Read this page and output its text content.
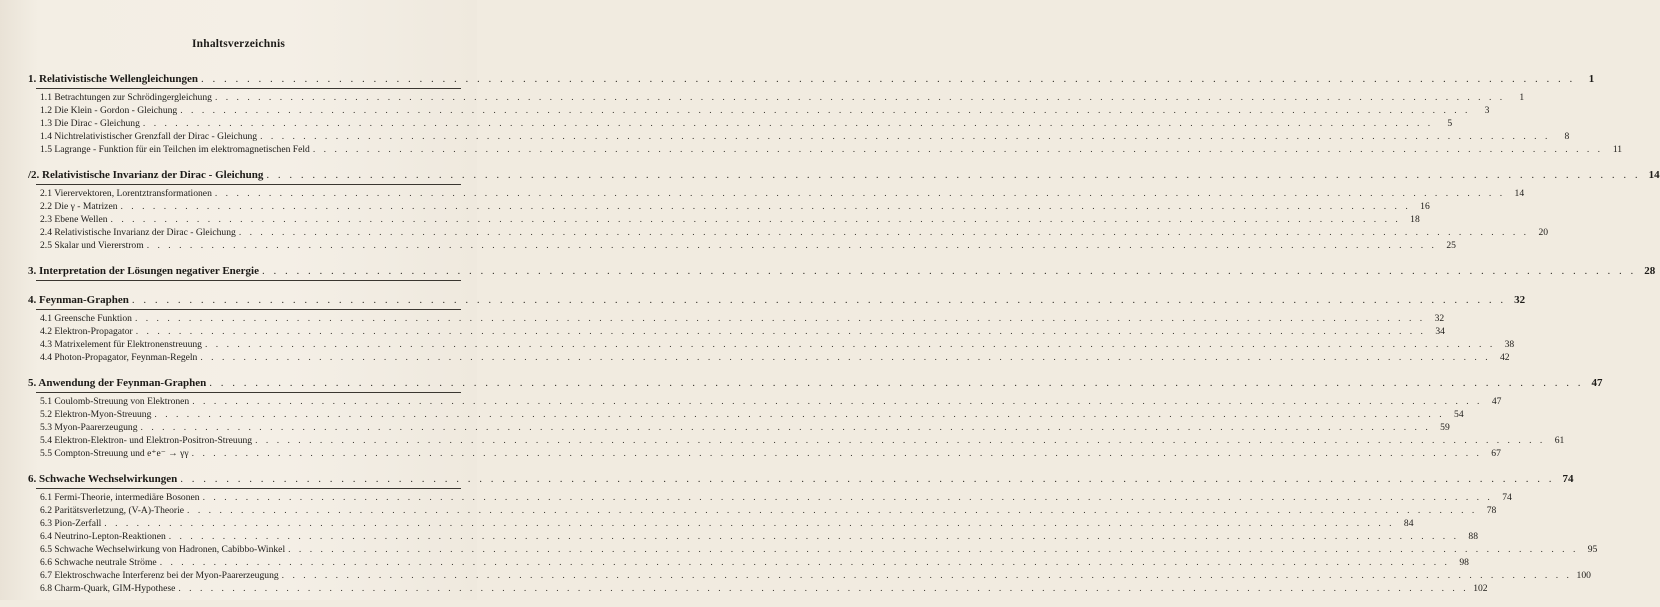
Inhaltsverzeichnis
1. Relativistische Wellengleichungen . . . . . . . . . . . . . . . . . . . . . . . . . . . . . . . . . . . . . . . . . . . . . . . . . . . . . . . . . . . . . . . . . . . . . . . . . . . . . . . . . . . . . . . . . . . . . . . . . . . . . . . . . . . . . . . . . . . . . . . .	1
1.1 Betrachtungen zur Schrödingergleichung . . . . . . . . . . . . . . . . . . . . . . . . . . . . . . . . . . . . . . . . . . . . . . . . . . . . . . . . . . . . . . . . . . . . . . . . . . . . . . . . . . . . . . . . . . . . . . . . . . . . . . . . . . . . . . . . . . . . . . . .	1
1.2 Die Klein - Gordon - Gleichung . . . . . . . . . . . . . . . . . . . . . . . . . . . . . . . . . . . . . . . . . . . . . . . . . . . . . . . . . . . . . . . . . . . . . . . . . . . . . . . . . . . . . . . . . . . . . . . . . . . . . . . . . . . . . . . . . . . . . . . .	3
1.3 Die Dirac - Gleichung . . . . . . . . . . . . . . . . . . . . . . . . . . . . . . . . . . . . . . . . . . . . . . . . . . . . . . . . . . . . . . . . . . . . . . . . . . . . . . . . . . . . . . . . . . . . . . . . . . . . . . . . . . . . . . . . . . . . . . . .	5
1.4 Nichtrelativistischer Grenzfall der Dirac - Gleichung . . . . . . . . . . . . . . . . . . . . . . . . . . . . . . . . . . . . . . . . . . . . . . . . . . . . . . . . . . . . . . . . . . . . . . . . . . . . . . . . . . . . . . . . . . . . . . . . . . . . . . . . . . . . . . . . . . . . . . . .	8
1.5 Lagrange - Funktion für ein Teilchen im elektromagnetischen Feld . . . . . . . . . . . . . . . . . . . . . . . . . . . . . . . . . . . . . . . . . . . . . . . . . . . . . . . . . . . . . . . . . . . . . . . . . . . . . . . . . . . . . . . . . . . . . . . . . . . . . . . . . . . . . . . . . . . . . . . .	11
/2. Relativistische Invarianz der Dirac - Gleichung . . . . . . . . . . . . . . . . . . . . . . . . . . . . . . . . . . . . . . . . . . . . . . . . . . . . . . . . . . . . . . . . . . . . . . . . . . . . . . . . . . . . . . . . . . . . . . . . . . . . . . . . . . . . . . . . . . . . . . . . 14
2.1 Vierervektoren, Lorentztransformationen . . . . . . . . . . . . . . . . . . . . . . . . . . . . . . . . . . . . . . . . . . . . . . . . . . . . . . . . . . . . . . . . . . . . . . . . . . . . . . . . . . . . . . . . . . . . . . . . . . . . . . . . . . . . . . . . . . . . . . . . 14
2.2 Die γ - Matrizen . . . . . . . . . . . . . . . . . . . . . . . . . . . . . . . . . . . . . . . . . . . . . . . . . . . . . . . . . . . . . . . . . . . . . . . . . . . . . . . . . . . . . . . . . . . . . . . . . . . . . . . . . . . . . . . . . . . . . . . . 16
2.3 Ebene Wellen . . . . . . . . . . . . . . . . . . . . . . . . . . . . . . . . . . . . . . . . . . . . . . . . . . . . . . . . . . . . . . . . . . . . . . . . . . . . . . . . . . . . . . . . . . . . . . . . . . . . . . . . . . . . . . . . . . . . . . . . 18
2.4 Relativistische Invarianz der Dirac - Gleichung . . . . . . . . . . . . . . . . . . . . . . . . . . . . . . . . . . . . . . . . . . . . . . . . . . . . . . . . . . . . . . . . . . . . . . . . . . . . . . . . . . . . . . . . . . . . . . . . . . . . . . . . . . . . . . . . . . . . . . . . 20
2.5 Skalar und Viererstrom . . . . . . . . . . . . . . . . . . . . . . . . . . . . . . . . . . . . . . . . . . . . . . . . . . . . . . . . . . . . . . . . . . . . . . . . . . . . . . . . . . . . . . . . . . . . . . . . . . . . . . . . . . . . . . . . . . . . . . . . 25
3. Interpretation der Lösungen negativer Energie . . . . . . . . . . . . . . . . . . . . . . . . . . . . . . . . . . . . . . . . . . . . . . . . . . . . . . . . . . . . . . . . . . . . . . . . . . . . . . . . . . . . . . . . . . . . . . . . . . . . . . . . . . . . . . . . . . . . . . . . 28
4. Feynman-Graphen . . . . . . . . . . . . . . . . . . . . . . . . . . . . . . . . . . . . . . . . . . . . . . . . . . . . . . . . . . . . . . . . . . . . . . . . . . . . . . . . . . . . . . . . . . . . . . . . . . . . . . . . . . . . . . . . . . . . . . . . 32
4.1 Greensche Funktion . . . . . . . . . . . . . . . . . . . . . . . . . . . . . . . . . . . . . . . . . . . . . . . . . . . . . . . . . . . . . . . . . . . . . . . . . . . . . . . . . . . . . . . . . . . . . . . . . . . . . . . . . . . . . . . . . . . . . . . . 32
4.2 Elektron-Propagator . . . . . . . . . . . . . . . . . . . . . . . . . . . . . . . . . . . . . . . . . . . . . . . . . . . . . . . . . . . . . . . . . . . . . . . . . . . . . . . . . . . . . . . . . . . . . . . . . . . . . . . . . . . . . . . . . . . . . . . . 34
4.3 Matrixelement für Elektronenstreuung . . . . . . . . . . . . . . . . . . . . . . . . . . . . . . . . . . . . . . . . . . . . . . . . . . . . . . . . . . . . . . . . . . . . . . . . . . . . . . . . . . . . . . . . . . . . . . . . . . . . . . . . . . . . . . . . . . . . . . . . 38
4.4 Photon-Propagator, Feynman-Regeln . . . . . . . . . . . . . . . . . . . . . . . . . . . . . . . . . . . . . . . . . . . . . . . . . . . . . . . . . . . . . . . . . . . . . . . . . . . . . . . . . . . . . . . . . . . . . . . . . . . . . . . . . . . . . . . . . . . . . . . . 42
5. Anwendung der Feynman-Graphen . . . . . . . . . . . . . . . . . . . . . . . . . . . . . . . . . . . . . . . . . . . . . . . . . . . . . . . . . . . . . . . . . . . . . . . . . . . . . . . . . . . . . . . . . . . . . . . . . . . . . . . . . . . . . . . . . . . . . . . . 47
5.1 Coulomb-Streuung von Elektronen . . . . . . . . . . . . . . . . . . . . . . . . . . . . . . . . . . . . . . . . . . . . . . . . . . . . . . . . . . . . . . . . . . . . . . . . . . . . . . . . . . . . . . . . . . . . . . . . . . . . . . . . . . . . . . . . . . . . . . . . 47
5.2 Elektron-Myon-Streuung . . . . . . . . . . . . . . . . . . . . . . . . . . . . . . . . . . . . . . . . . . . . . . . . . . . . . . . . . . . . . . . . . . . . . . . . . . . . . . . . . . . . . . . . . . . . . . . . . . . . . . . . . . . . . . . . . . . . . . . . 54
5.3 Myon-Paarerzeugung . . . . . . . . . . . . . . . . . . . . . . . . . . . . . . . . . . . . . . . . . . . . . . . . . . . . . . . . . . . . . . . . . . . . . . . . . . . . . . . . . . . . . . . . . . . . . . . . . . . . . . . . . . . . . . . . . . . . . . . . 59
5.4 Elektron-Elektron- und Elektron-Positron-Streuung . . . . . . . . . . . . . . . . . . . . . . . . . . . . . . . . . . . . . . . . . . . . . . . . . . . . . . . . . . . . . . . . . . . . . . . . . . . . . . . . . . . . . . . . . . . . . . . . . . . . . . . . . . . . . . . . . . . . . . . . 61
5.5 Compton-Streuung und e⁺e⁻ → γγ . . . . . . . . . . . . . . . . . . . . . . . . . . . . . . . . . . . . . . . . . . . . . . . . . . . . . . . . . . . . . . . . . . . . . . . . . . . . . . . . . . . . . . . . . . . . . . . . . . . . . . . . . . . . . . . . . . . . . . . . 67
6. Schwache Wechselwirkungen . . . . . . . . . . . . . . . . . . . . . . . . . . . . . . . . . . . . . . . . . . . . . . . . . . . . . . . . . . . . . . . . . . . . . . . . . . . . . . . . . . . . . . . . . . . . . . . . . . . . . . . . . . . . . . . . . . . . . . . . 74
6.1 Fermi-Theorie, intermediäre Bosonen . . . . . . . . . . . . . . . . . . . . . . . . . . . . . . . . . . . . . . . . . . . . . . . . . . . . . . . . . . . . . . . . . . . . . . . . . . . . . . . . . . . . . . . . . . . . . . . . . . . . . . . . . . . . . . . . . . . . . . . . 74
6.2 Paritätsverletzung, (V-A)-Theorie . . . . . . . . . . . . . . . . . . . . . . . . . . . . . . . . . . . . . . . . . . . . . . . . . . . . . . . . . . . . . . . . . . . . . . . . . . . . . . . . . . . . . . . . . . . . . . . . . . . . . . . . . . . . . . . . . . . . . . . . 78
6.3 Pion-Zerfall . . . . . . . . . . . . . . . . . . . . . . . . . . . . . . . . . . . . . . . . . . . . . . . . . . . . . . . . . . . . . . . . . . . . . . . . . . . . . . . . . . . . . . . . . . . . . . . . . . . . . . . . . . . . . . . . . . . . . . . . 84
6.4 Neutrino-Lepton-Reaktionen . . . . . . . . . . . . . . . . . . . . . . . . . . . . . . . . . . . . . . . . . . . . . . . . . . . . . . . . . . . . . . . . . . . . . . . . . . . . . . . . . . . . . . . . . . . . . . . . . . . . . . . . . . . . . . . . . . . . . . . . 88
6.5 Schwache Wechselwirkung von Hadronen, Cabibbo-Winkel . . . . . . . . . . . . . . . . . . . . . . . . . . . . . . . . . . . . . . . . . . . . . . . . . . . . . . . . . . . . . . . . . . . . . . . . . . . . . . . . . . . . . . . . . . . . . . . . . . . . . . . . . . . . . . . . . . . . . . . . 95
6.6 Schwache neutrale Ströme . . . . . . . . . . . . . . . . . . . . . . . . . . . . . . . . . . . . . . . . . . . . . . . . . . . . . . . . . . . . . . . . . . . . . . . . . . . . . . . . . . . . . . . . . . . . . . . . . . . . . . . . . . . . . . . . . . . . . . . . 98
6.7 Elektroschwache Interferenz bei der Myon-Paarerzeugung . . . . . . . . . . . . . . . . . . . . . . . . . . . . . . . . . . . . . . . . . . . . . . . . . . . . . . . . . . . . . . . . . . . . . . . . . . . . . . . . . . . . . . . . . . . . . . . . . . . . . . . . . . . . . . . . . . . . . . . . 100
6.8 Charm-Quark, GIM-Hypothese . . . . . . . . . . . . . . . . . . . . . . . . . . . . . . . . . . . . . . . . . . . . . . . . . . . . . . . . . . . . . . . . . . . . . . . . . . . . . . . . . . . . . . . . . . . . . . . . . . . . . . . . . . . . . . . . . . . . . . . . 102
